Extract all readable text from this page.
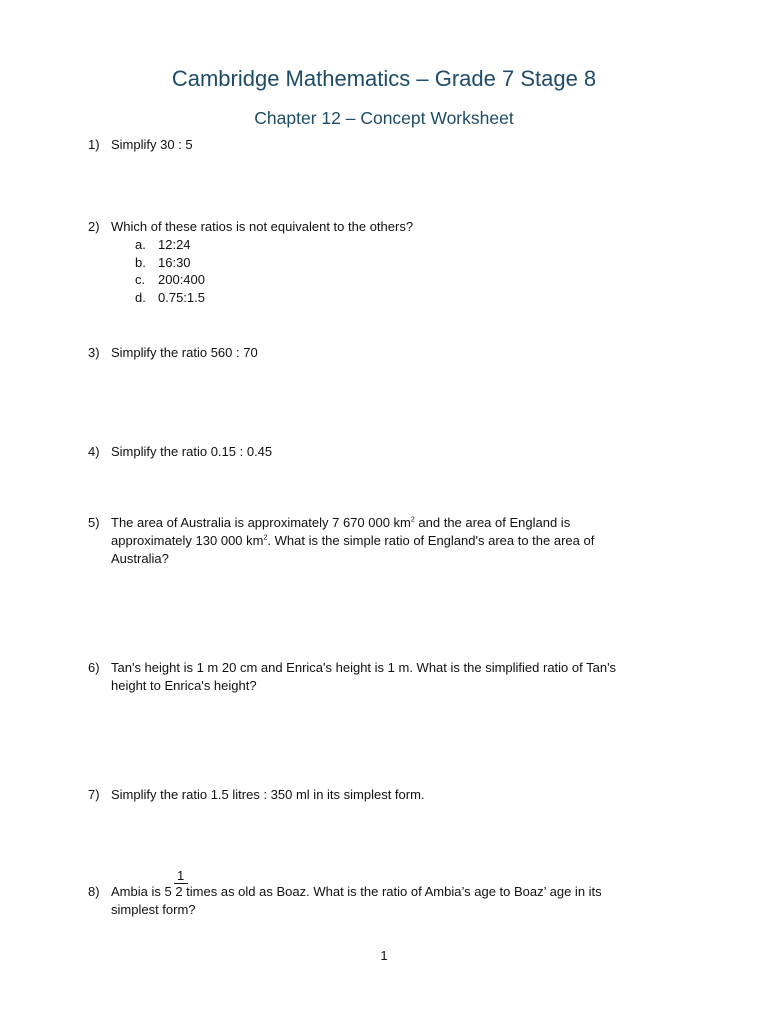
Cambridge Mathematics – Grade 7 Stage 8
Chapter 12 – Concept Worksheet
1) Simplify 30 : 5
2) Which of these ratios is not equivalent to the others?
a. 12:24
b. 16:30
c. 200:400
d. 0.75:1.5
3) Simplify the ratio 560 : 70
4) Simplify the ratio 0.15 : 0.45
5) The area of Australia is approximately 7 670 000 $km^2$ and the area of England is
approximately 130 000 $km^2$. What is the simple ratio of England's area to the area of
Australia?
6) Tan's height is 1 m 20 cm and Enrica's height is 1 m. What is the simplified ratio of Tan's
height to Enrica's height?
7) Simplify the ratio 1.5 litres : 350 ml in its simplest form.
1
8) Ambia is 5 2 times as old as Boaz. What is the ratio of Ambia’s age to Boaz’ age in its
simplest form?
1
